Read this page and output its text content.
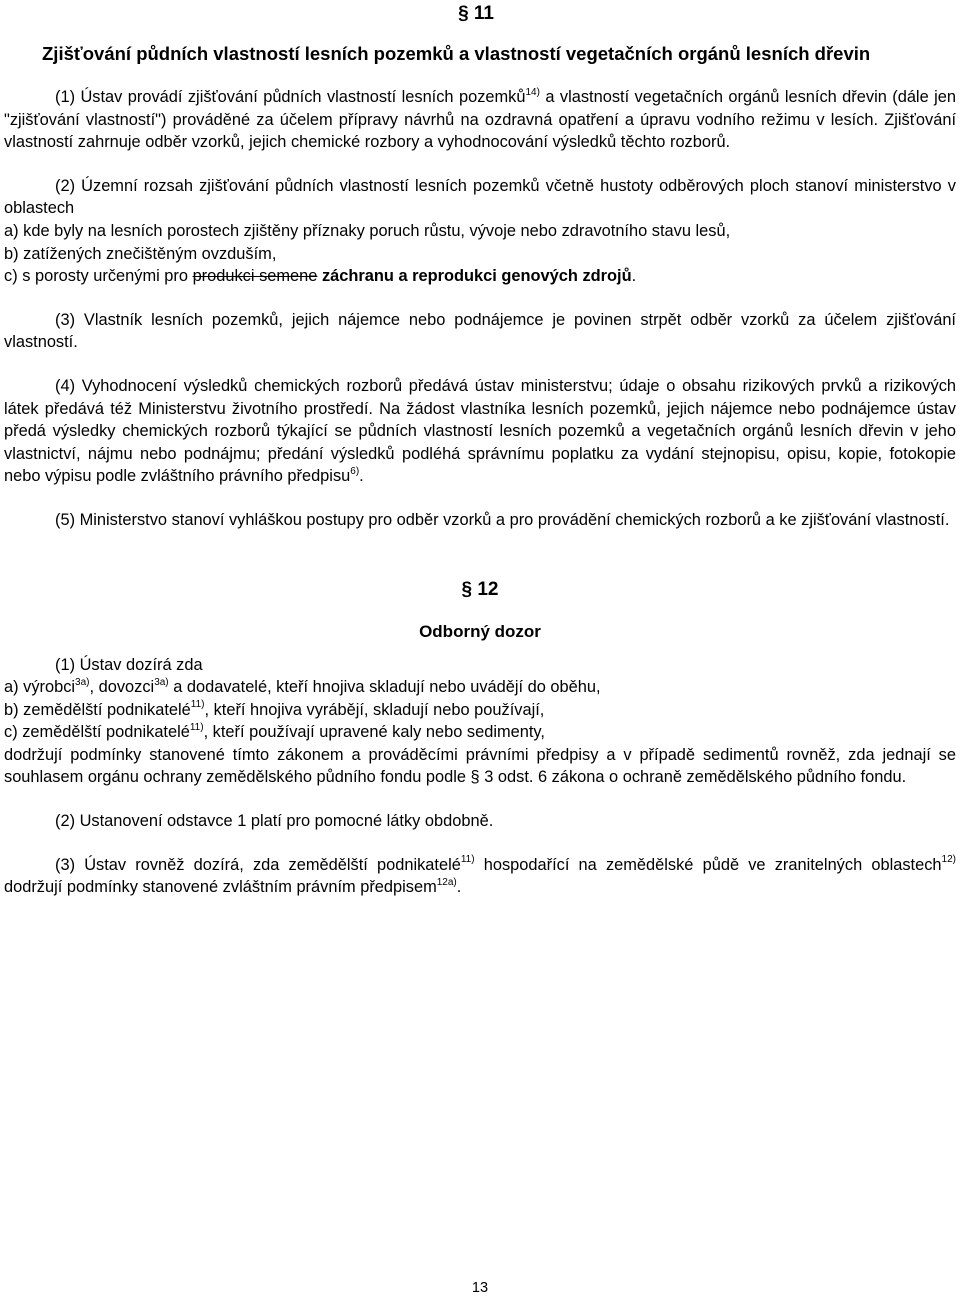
§ 11
Zjišťování půdních vlastností lesních pozemků a vlastností vegetačních orgánů lesních dřevin

(1) Ústav provádí zjišťování půdních vlastností lesních pozemků$^{14)}$ a vlastností vegetačních orgánů lesních dřevin (dále jen "zjišťování vlastností") prováděné za účelem přípravy návrhů na ozdravná opatření a úpravu vodního režimu v lesích. Zjišťování vlastností zahrnuje odběr vzorků, jejich chemické rozbory a vyhodnocování výsledků těchto rozborů.

(2) Územní rozsah zjišťování půdních vlastností lesních pozemků včetně hustoty odběrových ploch stanoví ministerstvo v oblastech

a) kde byly na lesních porostech zjištěny příznaky poruch růstu, vývoje nebo zdravotního stavu lesů,
b) zatížených znečištěným ovzduším,
c) s porosty určenými pro produkci semene záchranu a reprodukci genových zdrojů.

(3) Vlastník lesních pozemků, jejich nájemce nebo podnájemce je povinen strpět odběr vzorků za účelem zjišťování vlastností.

(4) Vyhodnocení výsledků chemických rozborů předává ústav ministerstvu; údaje o obsahu rizikových prvků a rizikových látek předává též Ministerstvu životního prostředí. Na žádost vlastníka lesních pozemků, jejich nájemce nebo podnájemce ústav předá výsledky chemických rozborů týkající se půdních vlastností lesních pozemků a vegetačních orgánů lesních dřevin v jeho vlastnictví, nájmu nebo podnájmu; předání výsledků podléhá správnímu poplatku za vydání stejnopisu, opisu, kopie, fotokopie nebo výpisu podle zvláštního právního předpisu$^{6)}$.

(5) Ministerstvo stanoví vyhláškou postupy pro odběr vzorků a pro provádění chemických rozborů a ke zjišťování vlastností.

§ 12
Odborný dozor

(1) Ústav dozírá zda

a) výrobci$^{3a)}$, dovozci$^{3a)}$ a dodavatelé, kteří hnojiva skladují nebo uvádějí do oběhu,
b) zemědělští podnikatelé$^{11)}$, kteří hnojiva vyrábějí, skladují nebo používají,
c) zemědělští podnikatelé$^{11)}$, kteří používají upravené kaly nebo sedimenty,

dodržují podmínky stanovené tímto zákonem a prováděcími právními předpisy a v případě sedimentů rovněž, zda jednají se souhlasem orgánu ochrany zemědělského půdního fondu podle § 3 odst. 6 zákona o ochraně zemědělského půdního fondu.

(2) Ustanovení odstavce 1 platí pro pomocné látky obdobně.

(3) Ústav rovněž dozírá, zda zemědělští podnikatelé$^{11)}$ hospodařící na zemědělské půdě ve zranitelných oblastech$^{12)}$ dodržují podmínky stanovené zvláštním právním předpisem$^{12a)}$.

13
